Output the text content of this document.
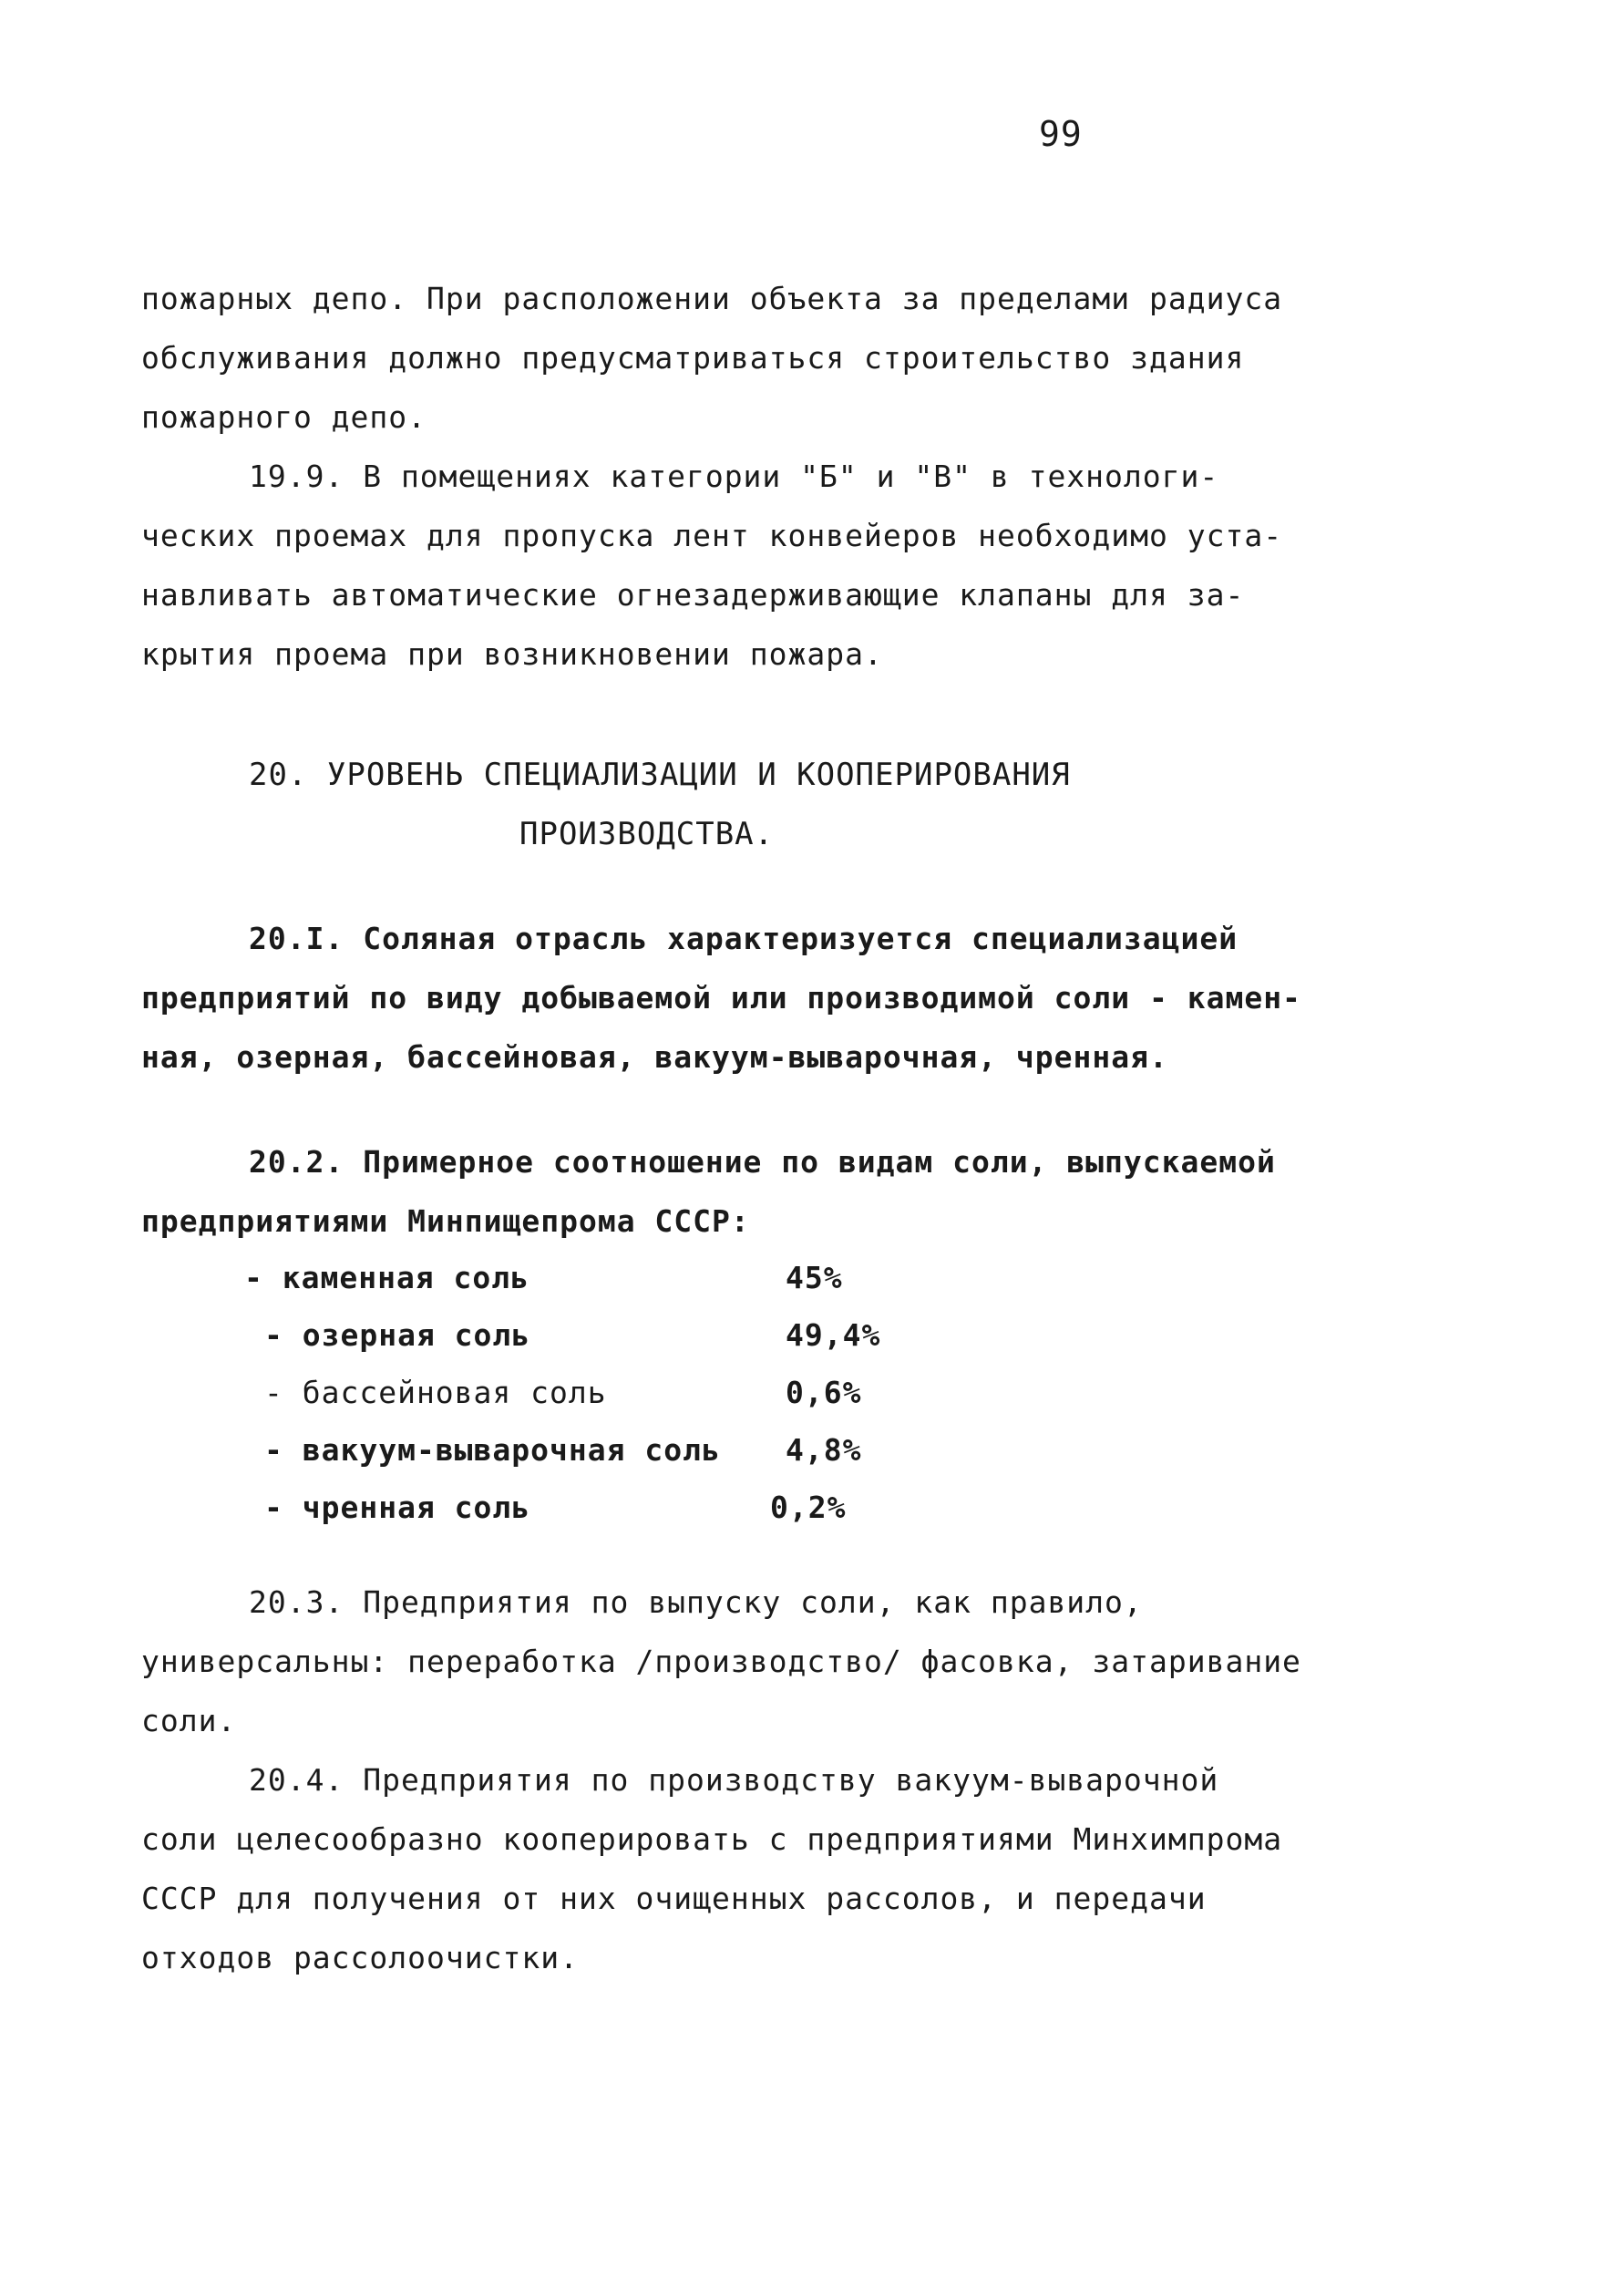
99
пожарных депо. При расположении объекта за пределами радиуса
обслуживания должно предусматриваться строительство здания
пожарного депо.
19.9. В помещениях категории "Б" и "В" в технологи-
ческих проемах для пропуска лент конвейеров необходимо уста-
навливать автоматические огнезадерживающие клапаны для за-
крытия проема при возникновении пожара.
20. УРОВЕНЬ СПЕЦИАЛИЗАЦИИ И КООПЕРИРОВАНИЯ
ПРОИЗВОДСТВА.
20.I. Соляная отрасль характеризуется специализацией
предприятий по виду добываемой или производимой соли - камен-
ная, озерная, бассейновая, вакуум-выварочная, чренная.
20.2. Примерное соотношение по видам соли, выпускаемой
предприятиями Минпищепрома СССР:
- каменная соль	45%
- озерная соль	49,4%
- бассейновая соль	0,6%
- вакуум-выварочная соль 4,8%
- чренная соль	0,2%
20.3. Предприятия по выпуску соли, как правило,
универсальны: переработка /производство/ фасовка, затаривание
соли.
20.4. Предприятия по производству вакуум-выварочной
соли целесообразно кооперировать с предприятиями Минхимпрома
СССР для получения от них очищенных рассолов, и передачи
отходов рассолоочистки.
